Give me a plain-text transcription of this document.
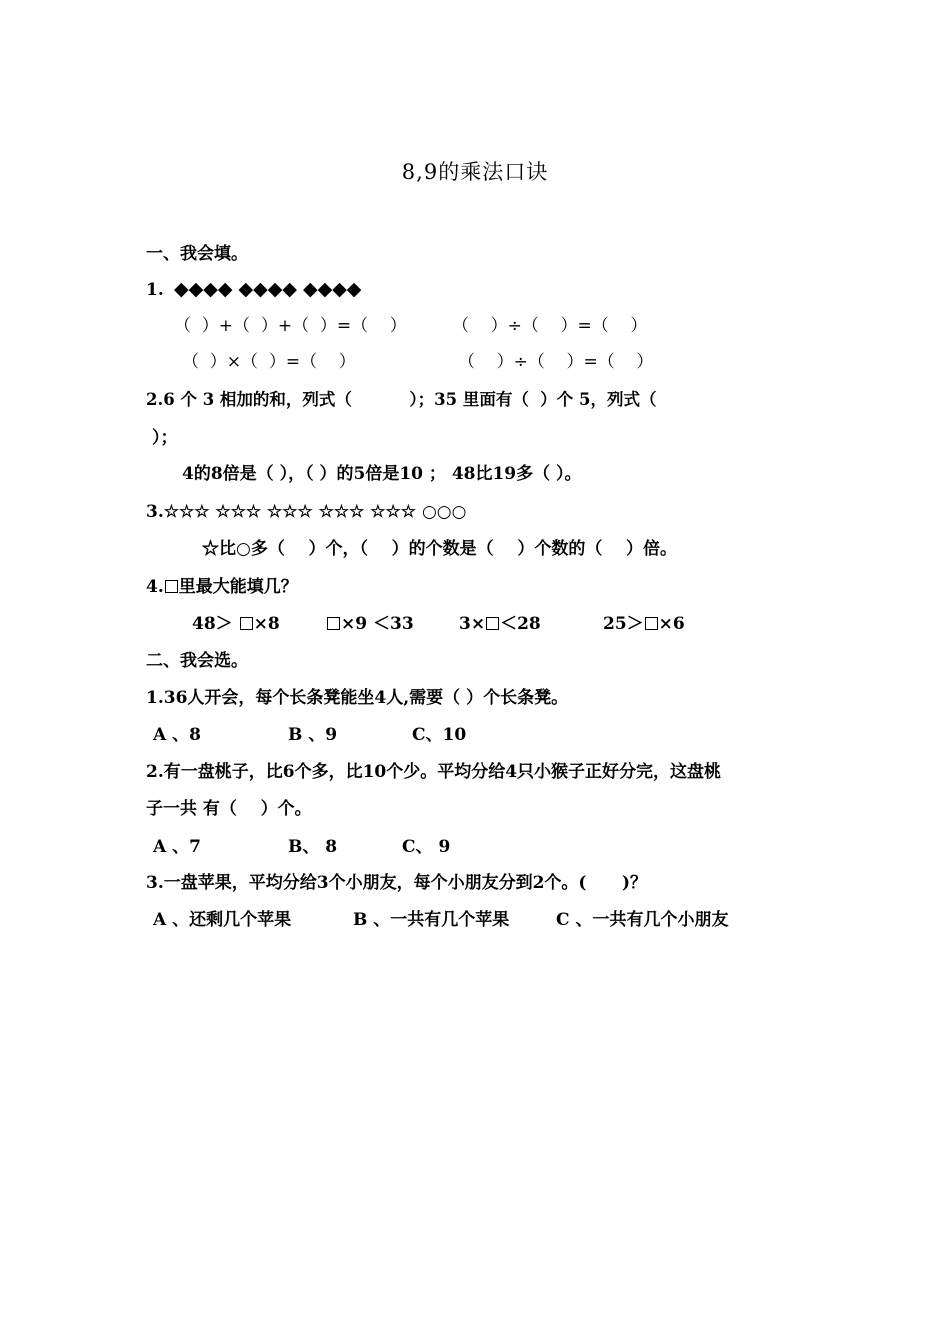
8,9的乘法口诀
一、我会填。
1. ◆◆◆◆ ◆◆◆◆ ◆◆◆◆
（  ）+（  ）+（  ）=（    ）	（    ）÷（    ）=（    ）
（  ）×（  ）=（    ）	（    ）÷（    ）=（    ）
2.6 个 3 相加的和，列式（          ）；35 里面有（  ）个 5，列式（
）；
4的8倍是（ ），（ ）的5倍是10 ； 48比19多（ ）。
3.☆☆☆ ☆☆☆ ☆☆☆ ☆☆☆ ☆☆☆ ○○○
☆比○多（    ）个，（    ）的个数是（    ）个数的（    ）倍。
4. 里最大能填几？
48＞ ×8	×9 ＜33	3× ＜28	25＞ ×6
二、我会选。
1.36人开会，每个长条凳能坐4人,需要（ ）个长条凳。
A 、8	B 、9	C、10
2.有一盘桃子，比6个多，比10个少。平均分给4只小猴子正好分完，这盘桃
子一共 有（    ）个。
A 、7	B、 8	C、 9
3.一盘苹果，平均分给3个小朋友，每个小朋友分到2个。(      )？
A 、还剩几个苹果	B 、一共有几个苹果	C 、一共有几个小朋友
